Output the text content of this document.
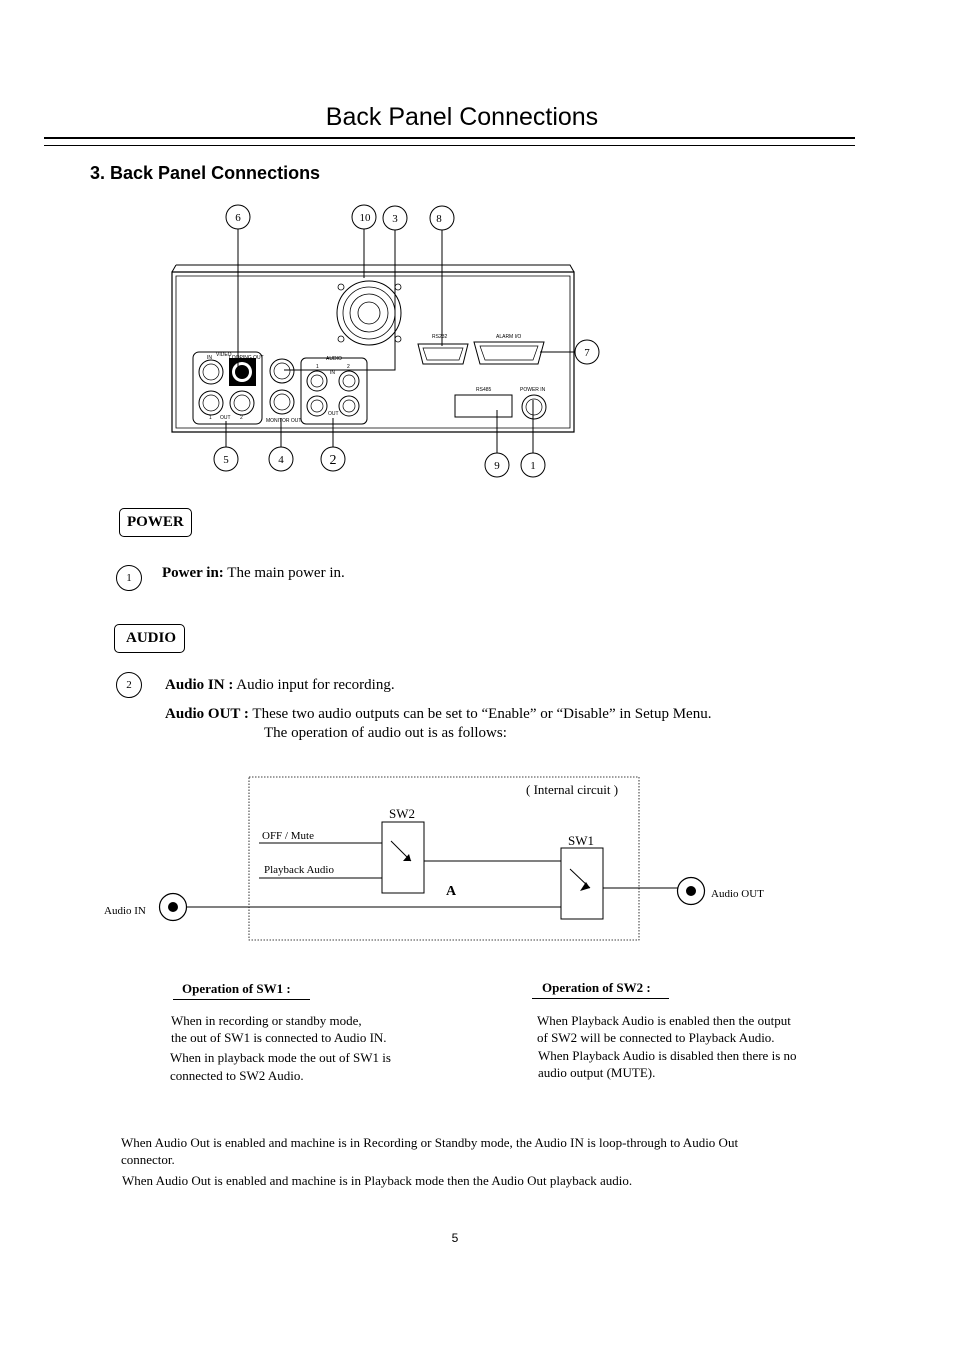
Back Panel Connections
3. Back Panel Connections
VIDEO
IN	LOOPING OUT
OUT
1	2	MONITOR OUT
AUDIO
1	2
IN
OUT
RS232	ALARM I/O
RS485	POWER IN
6	10 3	8
7
5	4	2	9	1
POWER
1	Power in: The main power in.
AUDIO
2	Audio IN : Audio input for recording.
Audio OUT : These two audio outputs can be set to “Enable” or “Disable” in Setup Menu.
The operation of audio out is as follows:
( Internal circuit )
SW2
SW1
OFF / Mute
Playback Audio
A
Audio IN
Audio OUT
Operation of SW1 :	Operation of SW2 :
When in recording or standby mode,
the out of SW1 is connected to Audio IN.
When in playback mode the out of SW1 is
connected to SW2 Audio.
When Playback Audio is enabled then the output
of SW2 will be connected to Playback Audio.
When Playback Audio is disabled then there is no
audio output (MUTE).
When Audio Out is enabled and machine is in Recording or Standby mode, the Audio IN is loop-through to Audio Out
connector.
When Audio Out is enabled and machine is in Playback mode then the Audio Out playback audio.
5
